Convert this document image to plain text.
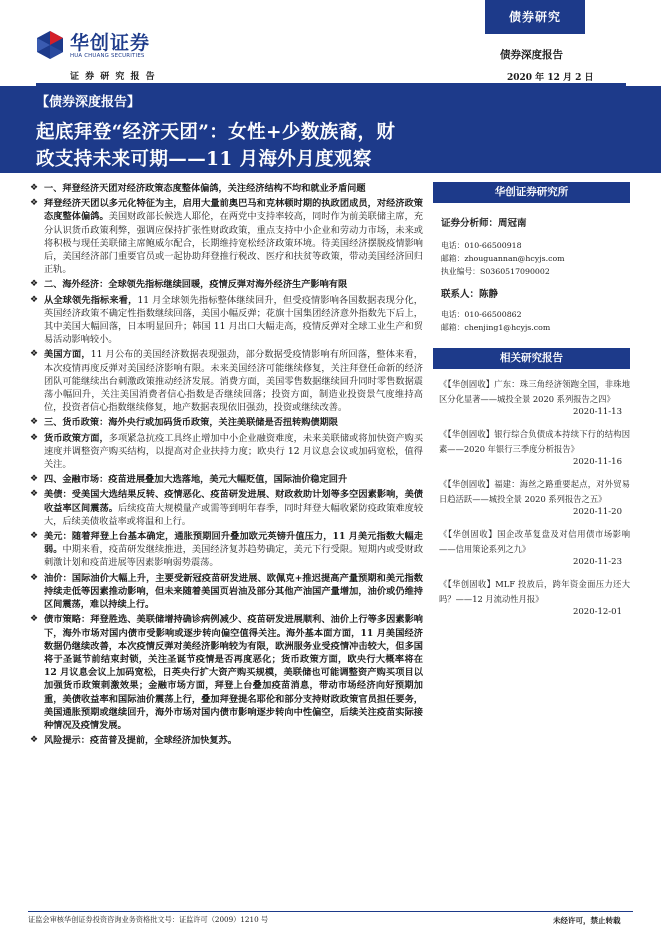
华创证券
HUA CHUANG SECURITIES
证 券 研 究 报 告
债券研究
债券深度报告
2020 年 12 月 2 日
【债券深度报告】
起底拜登“经济天团”：女性+少数族裔，财
政支持未来可期——11 月海外月度观察
❖ 一、拜登经济天团对经济政策态度整体偏鸽，关注经济结构不均和就业矛盾问题
❖ 拜登经济天团以多元化特征为主，启用大量前奥巴马和克林顿时期的执政团成员，对经济政策态度整体偏鸽。美国财政部长候选人耶伦，在两党中支持率较高，同时作为前美联储主席，充分认识货币政策利弊，强调应保持扩张性财政政策，重点支持中小企业和劳动力市场，未来或将积极与现任美联储主席鲍威尔配合，长期维持宽松经济政策环境。待美国经济摆脱疫情影响后，美国经济部门重要官员或一起协助拜登推行税改、医疗和扶贫等政策，带动美国经济回归正轨。
❖ 二、海外经济：全球领先指标继续回暖，疫情反弹对海外经济生产影响有限
❖ 从全球领先指标来看，11 月全球领先指标整体继续回升，但受疫情影响各国数据表现分化，英国经济政策不确定性指数继续回落，美国小幅反弹；花旗十国集团经济意外指数先下后上，其中美国大幅回落，日本明显回升；韩国 11 月出口大幅走高，疫情反弹对全球工业生产和贸易活动影响较小。
❖ 美国方面，11 月公布的美国经济数据表现强劲，部分数据受疫情影响有所回落，整体来看，本次疫情再度反弹对美国经济影响有限。未来美国经济可能继续修复，关注拜登任命新的经济团队可能继续出台刺激政策推动经济发展。消费方面，美国零售数据继续回升同时零售数据震荡小幅回升，关注美国消费者信心指数是否继续回落；投资方面，制造业投资景气度维持高位，投资者信心指数继续修复，地产数据表现依旧强劲，投资或继续改善。
❖ 三、货币政策：海外央行或加码货币政策，关注美联储是否扭转购债期限
❖ 货币政策方面，多项紧急抗疫工具终止增加中小企业融资难度，未来美联储或将加快资产购买速度并调整资产购买结构，以提高对企业扶持力度；欧央行 12 月议息会议或加码宽松，值得关注。
❖ 四、金融市场：疫苗进展叠加大选落地，美元大幅贬值，国际油价稳定回升
❖ 美债：受美国大选结果反转、疫情恶化、疫苗研发进展、财政救助计划等多空因素影响，美债收益率区间震荡。后续疫苗大规模量产或需等到明年春季，同时拜登大幅收紧防疫政策难度较大，后续美债收益率或将温和上行。
❖ 美元：随着拜登上台基本确定，通胀预期回升叠加欧元英镑升值压力，11 月美元指数大幅走弱。中期来看，疫苗研发继续推进，美国经济复苏趋势确定，美元下行受限。短期内或受财政刺激计划和疫苗进展等因素影响弱势震荡。
❖ 油价：国际油价大幅上升，主要受新冠疫苗研发进展、欧佩克+推迟提高产量预期和美元指数持续走低等因素推动影响，但未来随着美国页岩油及部分其他产油国产量增加，油价或仍维持区间震荡，难以持续上行。
❖ 债市策略：拜登胜选、美联储增持确诊病例减少、疫苗研发进展顺利、油价上行等多因素影响下，海外市场对国内债市受影响或逐步转向偏空值得关注。海外基本面方面，11 月美国经济数据仍继续改善，本次疫情反弹对美经济影响较为有限，欧洲服务业受疫情冲击较大，但多国将于圣诞节前结束封锁，关注圣诞节疫情是否再度恶化；货币政策方面，欧央行大概率将在 12 月议息会议上加码宽松，日英央行扩大资产购买规模，美联储也可能调整资产购买项目以加强货币政策刺激效果；金融市场方面，拜登上台叠加疫苗消息，带动市场经济向好预期加重，美债收益率和国际油价震荡上行，叠加拜登提名耶伦和部分支持财政政策官员担任要务，美国通胀预期或继续回升，海外市场对国内债市影响逐步转向中性偏空，后续关注疫苗实际接种情况及疫情发展。
❖ 风险提示：疫苗普及提前，全球经济加快复苏。
华创证券研究所
证券分析师：周冠南
电话：010-66500918
邮箱：zhouguannan@hcyjs.com
执业编号：S0360517090002
联系人：陈静
电话：010-66500862
邮箱：chenjing1@hcyjs.com
相关研究报告
《【华创固收】广东：珠三角经济领跑全国，非珠地区分化显著——城投全景 2020 系列报告之四》
2020-11-13
《【华创固收】银行综合负债成本持续下行的结构因素——2020 年银行三季度分析报告》
2020-11-16
《【华创固收】福建：海丝之路重要起点，对外贸易日趋活跃——城投全景 2020 系列报告之五》
2020-11-20
《【华创固收】国企改革复盘及对信用债市场影响——信用策论系列之九》
2020-11-23
《【华创固收】MLF 投放后，跨年资金面压力还大吗？——12 月流动性月报》
2020-12-01
证监会审核华创证券投资咨询业务资格批文号：证监许可（2009）1210 号	未经许可，禁止转载
